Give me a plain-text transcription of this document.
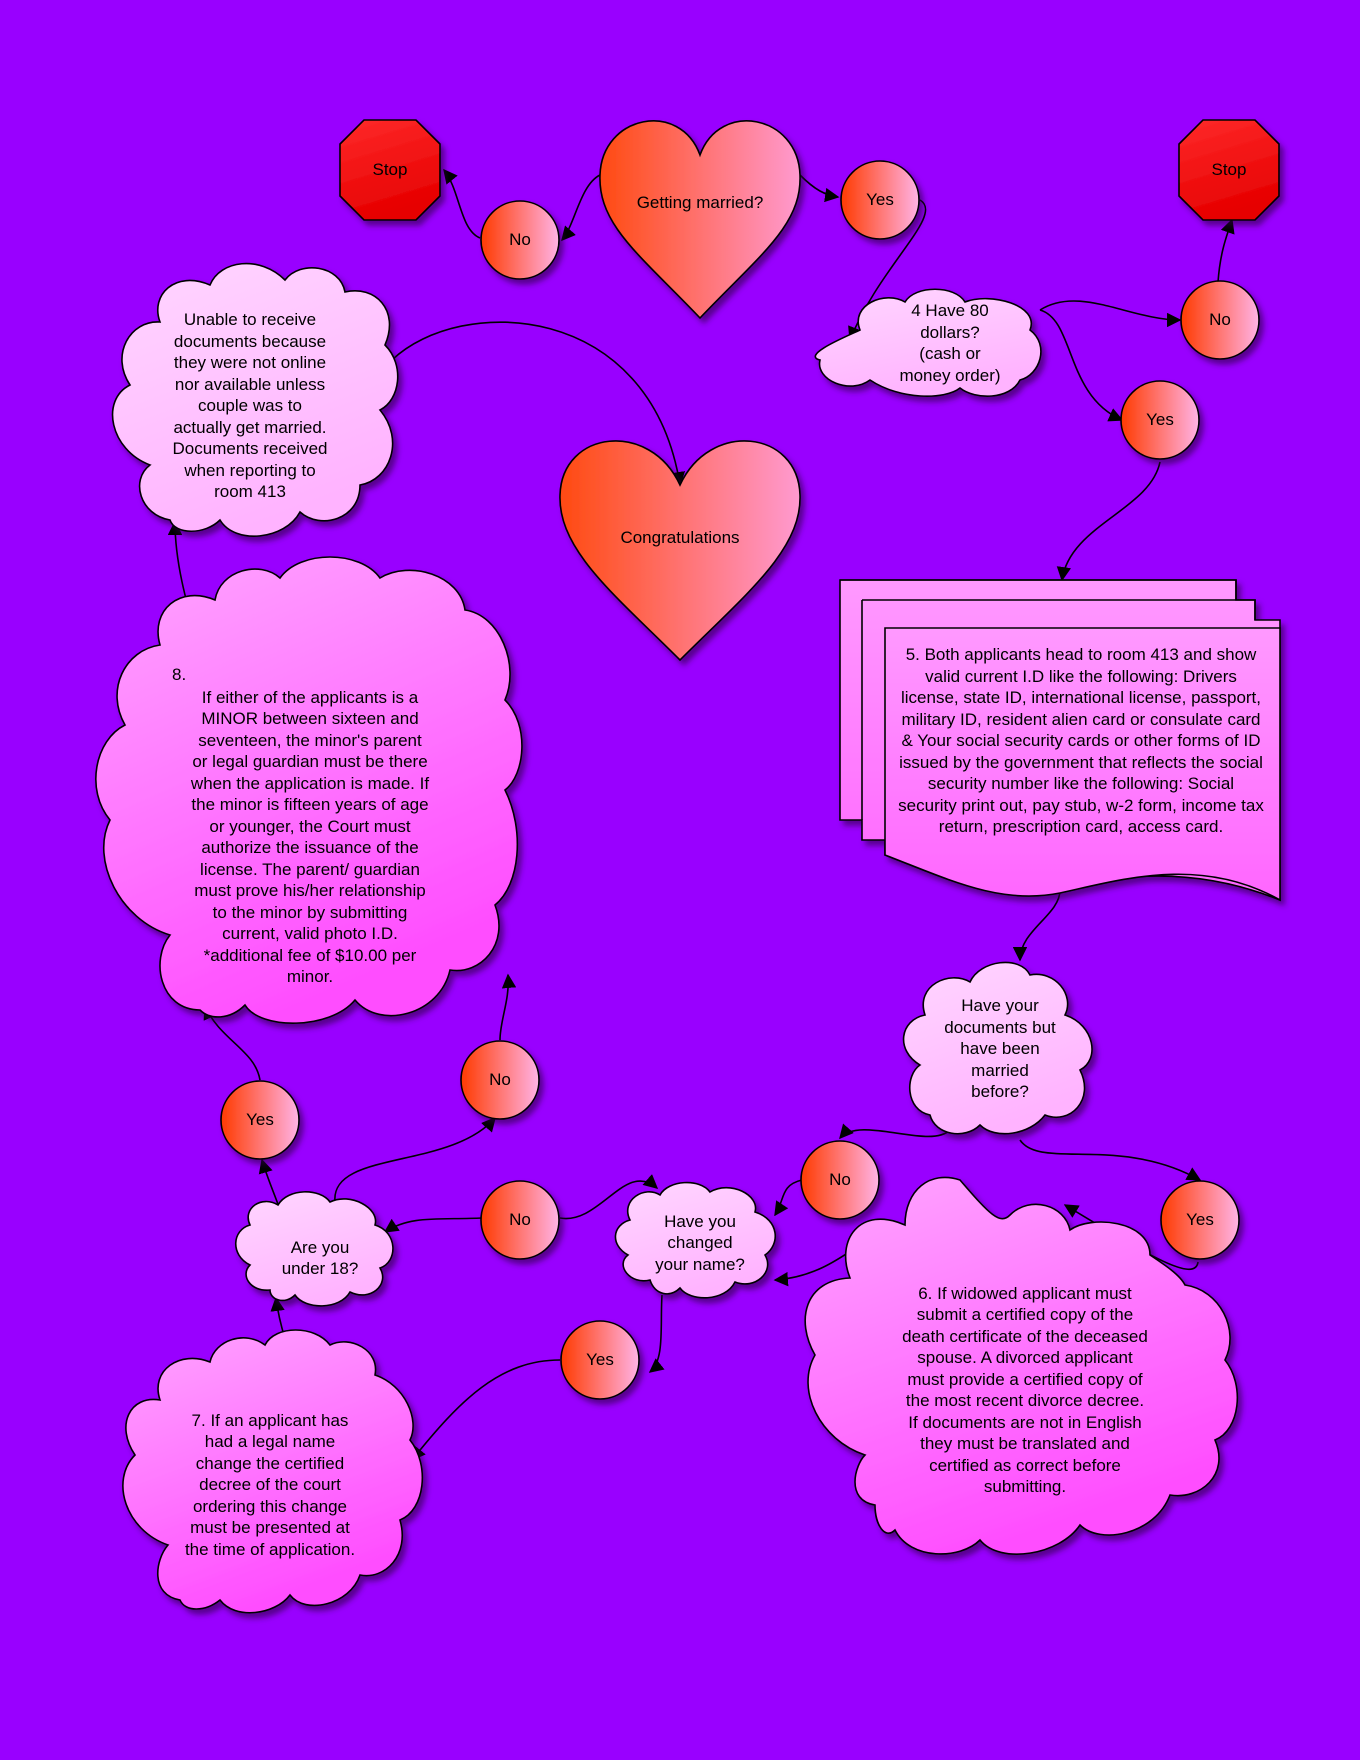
Stop	Stop
Getting married?
No
Yes
4 Have 80
dollars?
(cash or
money order)
No
Yes
5. Both applicants head to room 413 and show valid current I.D like the following: Drivers license, state ID, international license, passport, military ID, resident alien card or consulate card & Your social security cards or other forms of ID issued by the government that reflects the social security number like the following: Social security print out, pay stub, w-2 form, income tax return, prescription card, access card.
Have your
documents but
have been
married
before?
No
Yes
6. If widowed applicant must
submit a certified copy of the
death certificate of the deceased
spouse. A divorced applicant
must provide a certified copy of
the most recent divorce decree.
If documents are not in English
they must be translated and
certified as correct before
submitting.
Have you
changed
your name?
No
Yes
7. If an applicant has
had a legal name
change the certified
decree of the court
ordering this change
must be presented at
the time of application.
Are you
under 18?
Yes
No
8.
If either of the applicants is a
MINOR between sixteen and
seventeen, the minor's parent
or legal guardian must be there
when the application is made. If
the minor is fifteen years of age
or younger, the Court must
authorize the issuance of the
license. The parent/ guardian
must prove his/her relationship
to the minor by submitting
current, valid photo I.D.
*additional fee of $10.00 per
minor.
Unable to receive
documents because
they were not online
nor available unless
couple was to
actually get married.
Documents received
when reporting to
room 413
Congratulations
